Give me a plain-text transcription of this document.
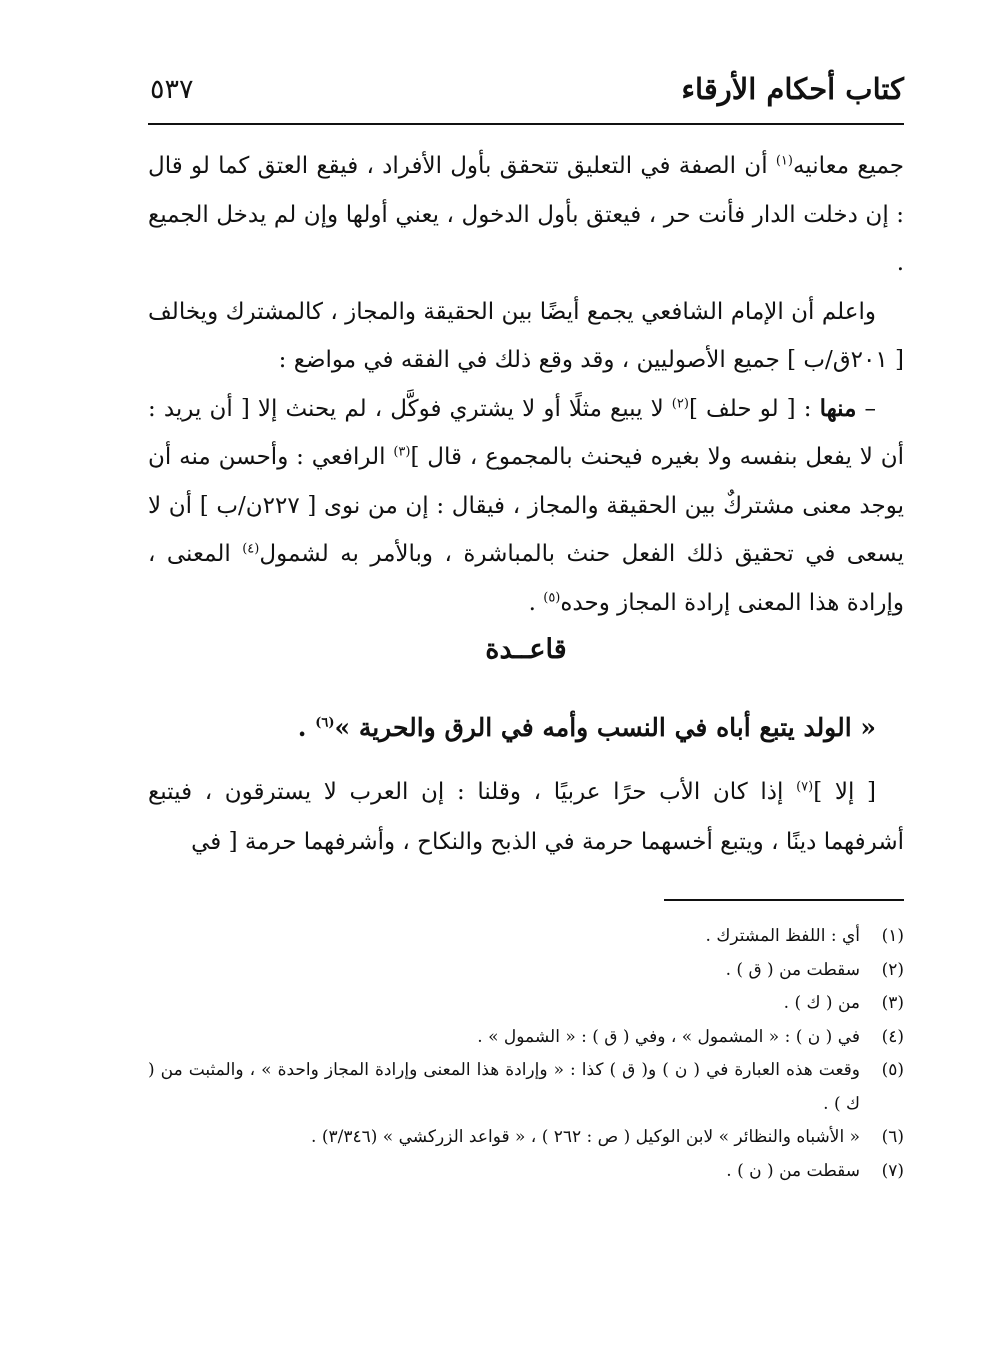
كتاب أحكام الأرقاء
٥٣٧

جميع معانيه$^{(١)}$ أن الصفة في التعليق تتحقق بأول الأفراد ، فيقع العتق كما لو قال : إن دخلت الدار فأنت حر ، فيعتق بأول الدخول ، يعني أولها وإن لم يدخل الجميع .

واعلم أن الإمام الشافعي يجمع أيضًا بين الحقيقة والمجاز ، كالمشترك ويخالف [ ٢٠١ق/ب ] جميع الأصوليين ، وقد وقع ذلك في الفقه في مواضع :

– منها : [ لو حلف ]$^{(٢)}$ لا يبيع مثلًا أو لا يشتري فوكَّل ، لم يحنث إلا [ أن يريد : أن لا يفعل بنفسه ولا بغيره فيحنث بالمجموع ، قال ]$^{(٣)}$ الرافعي : وأحسن منه أن يوجد معنى مشتركٌ بين الحقيقة والمجاز ، فيقال : إن من نوى [ ٢٢٧ن/ب ] أن لا يسعى في تحقيق ذلك الفعل حنث بالمباشرة ، وبالأمر به لشمول$^{(٤)}$ المعنى ، وإرادة هذا المعنى إرادة المجاز وحده$^{(٥)}$ .

قاعــدة
« الولد يتبع أباه في النسب وأمه في الرق والحرية »$^{(٦)}$ .
[ إلا ]$^{(٧)}$ إذا كان الأب حرًا عربيًا ، وقلنا : إن العرب لا يسترقون ، فيتبع أشرفهما دينًا ، ويتبع أخسهما حرمة في الذبح والنكاح ، وأشرفهما حرمة [ في
(١)
أي : اللفظ المشترك .
(٢)
سقطت من ( ق ) .
(٣)
من ( ك ) .
(٤)
في ( ن ) : « المشمول » ، وفي ( ق ) : « الشمول » .
(٥)
وقعت هذه العبارة في ( ن ) و( ق ) كذا : « وإرادة هذا المعنى وإرادة المجاز واحدة » ، والمثبت من ( ك ) .
(٦)
« الأشباه والنظائر » لابن الوكيل ( ص : ٢٦٢ ) ، « قواعد الزركشي » (٣/٣٤٦) .
(٧)
سقطت من ( ن ) .
